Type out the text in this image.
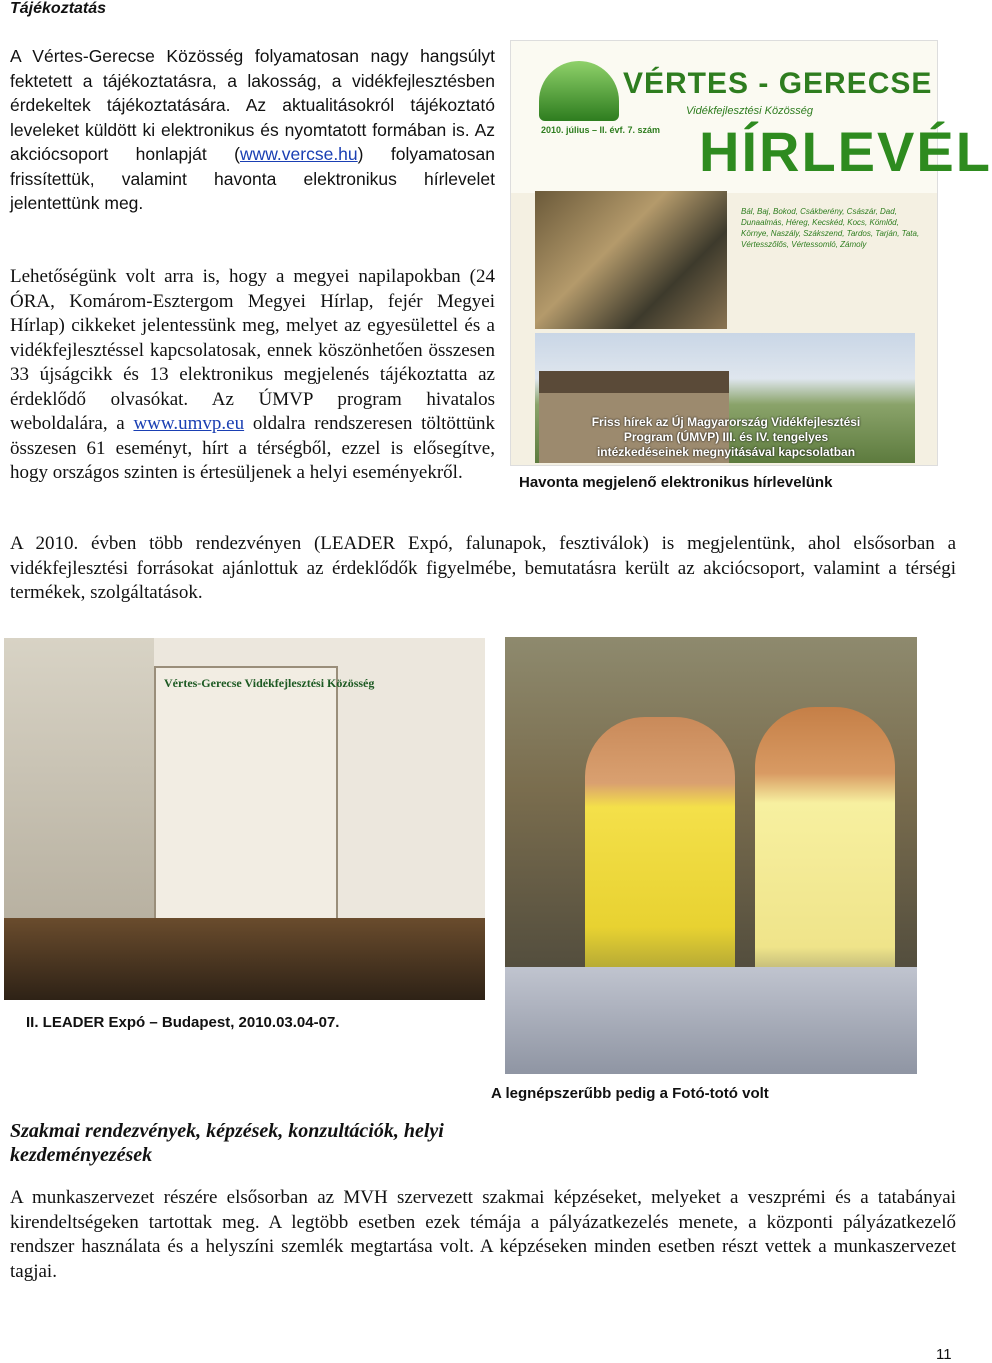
Tájékoztatás

A Vértes-Gerecse Közösség folyamatosan nagy hangsúlyt fektetett a tájékoztatásra, a lakosság, a vidékfejlesztésben érdekeltek tájékoztatására. Az aktualitásokról tájékoztató leveleket küldött ki elektronikus és nyomtatott formában is. Az akciócsoport honlapját (www.vercse.hu) folyamatosan frissítettük, valamint havonta elektronikus hírlevelet jelentettünk meg.

Lehetőségünk volt arra is, hogy a megyei napilapokban (24 ÓRA, Komárom-Esztergom Megyei Hírlap, fejér Megyei Hírlap) cikkeket jelentessünk meg, melyet az egyesülettel és a vidékfejlesztéssel kapcsolatosak, ennek köszönhetően összesen 33 újságcikk és 13 elektronikus megjelenés tájékoztatta az érdeklődő olvasókat. Az ÚMVP program hivatalos weboldalára, a www.umvp.eu oldalra rendszeresen töltöttünk összesen 61 eseményt, hírt a térségből, ezzel is elősegítve, hogy országos szinten is értesüljenek a helyi eseményekről.

VÉRTES - GERECSE
Vidékfejlesztési Közösség
2010. július – II. évf. 7. szám HÍRLEVÉL
Bál, Baj, Bokod, Csákberény, Császár, Dad, Dunaalmás, Héreg, Kecskéd, Kocs, Kömlőd, Környe, Naszály, Szákszend, Tardos, Tarján, Tata, Vértesszőlős, Vértessomló, Zámoly
Friss hírek az Új Magyarország Vidékfejlesztési Program (ÚMVP) III. és IV. tengelyes intézkedéseinek megnyitásával kapcsolatban
Havonta megjelenő elektronikus hírlevelünk

A 2010. évben több rendezvényen (LEADER Expó, falunapok, fesztiválok) is megjelentünk, ahol elsősorban a vidékfejlesztési forrásokat ajánlottuk az érdeklődők figyelmébe, bemutatásra került az akciócsoport, valamint a térségi termékek, szolgáltatások.

Vértes-Gerecse Vidékfejlesztési Közösség
II. LEADER Expó – Budapest, 2010.03.04-07.
A legnépszerűbb pedig a Fotó-totó volt
Szakmai rendezvények, képzések, konzultációk, helyi kezdeményezések

A munkaszervezet részére elsősorban az MVH szervezett szakmai képzéseket, melyeket a veszprémi és a tatabányai kirendeltségeken tartottak meg. A legtöbb esetben ezek témája a pályázatkezelés menete, a központi pályázatkezelő rendszer használata és a helyszíni szemlék megtartása volt. A képzéseken minden esetben részt vettek a munkaszervezet tagjai.

11
